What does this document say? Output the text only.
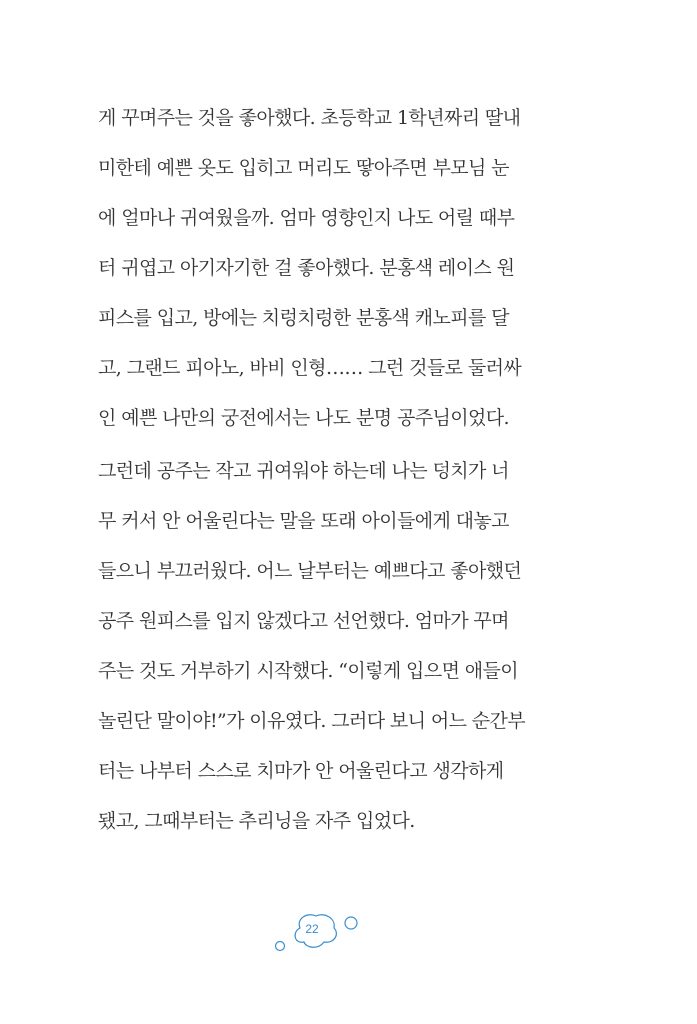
게 꾸며주는 것을 좋아했다. 초등학교 1학년짜리 딸내
미한테 예쁜 옷도 입히고 머리도 땋아주면 부모님 눈
에 얼마나 귀여웠을까. 엄마 영향인지 나도 어릴 때부
터 귀엽고 아기자기한 걸 좋아했다. 분홍색 레이스 원
피스를 입고, 방에는 치렁치렁한 분홍색 캐노피를 달
고, 그랜드 피아노, 바비 인형…… 그런 것들로 둘러싸
인 예쁜 나만의 궁전에서는 나도 분명 공주님이었다.
그런데 공주는 작고 귀여워야 하는데 나는 덩치가 너
무 커서 안 어울린다는 말을 또래 아이들에게 대놓고
들으니 부끄러웠다. 어느 날부터는 예쁘다고 좋아했던
공주 원피스를 입지 않겠다고 선언했다. 엄마가 꾸며
주는 것도 거부하기 시작했다. “이렇게 입으면 애들이
놀린단 말이야!”가 이유였다. 그러다 보니 어느 순간부
터는 나부터 스스로 치마가 안 어울린다고 생각하게
됐고, 그때부터는 추리닝을 자주 입었다.
22
